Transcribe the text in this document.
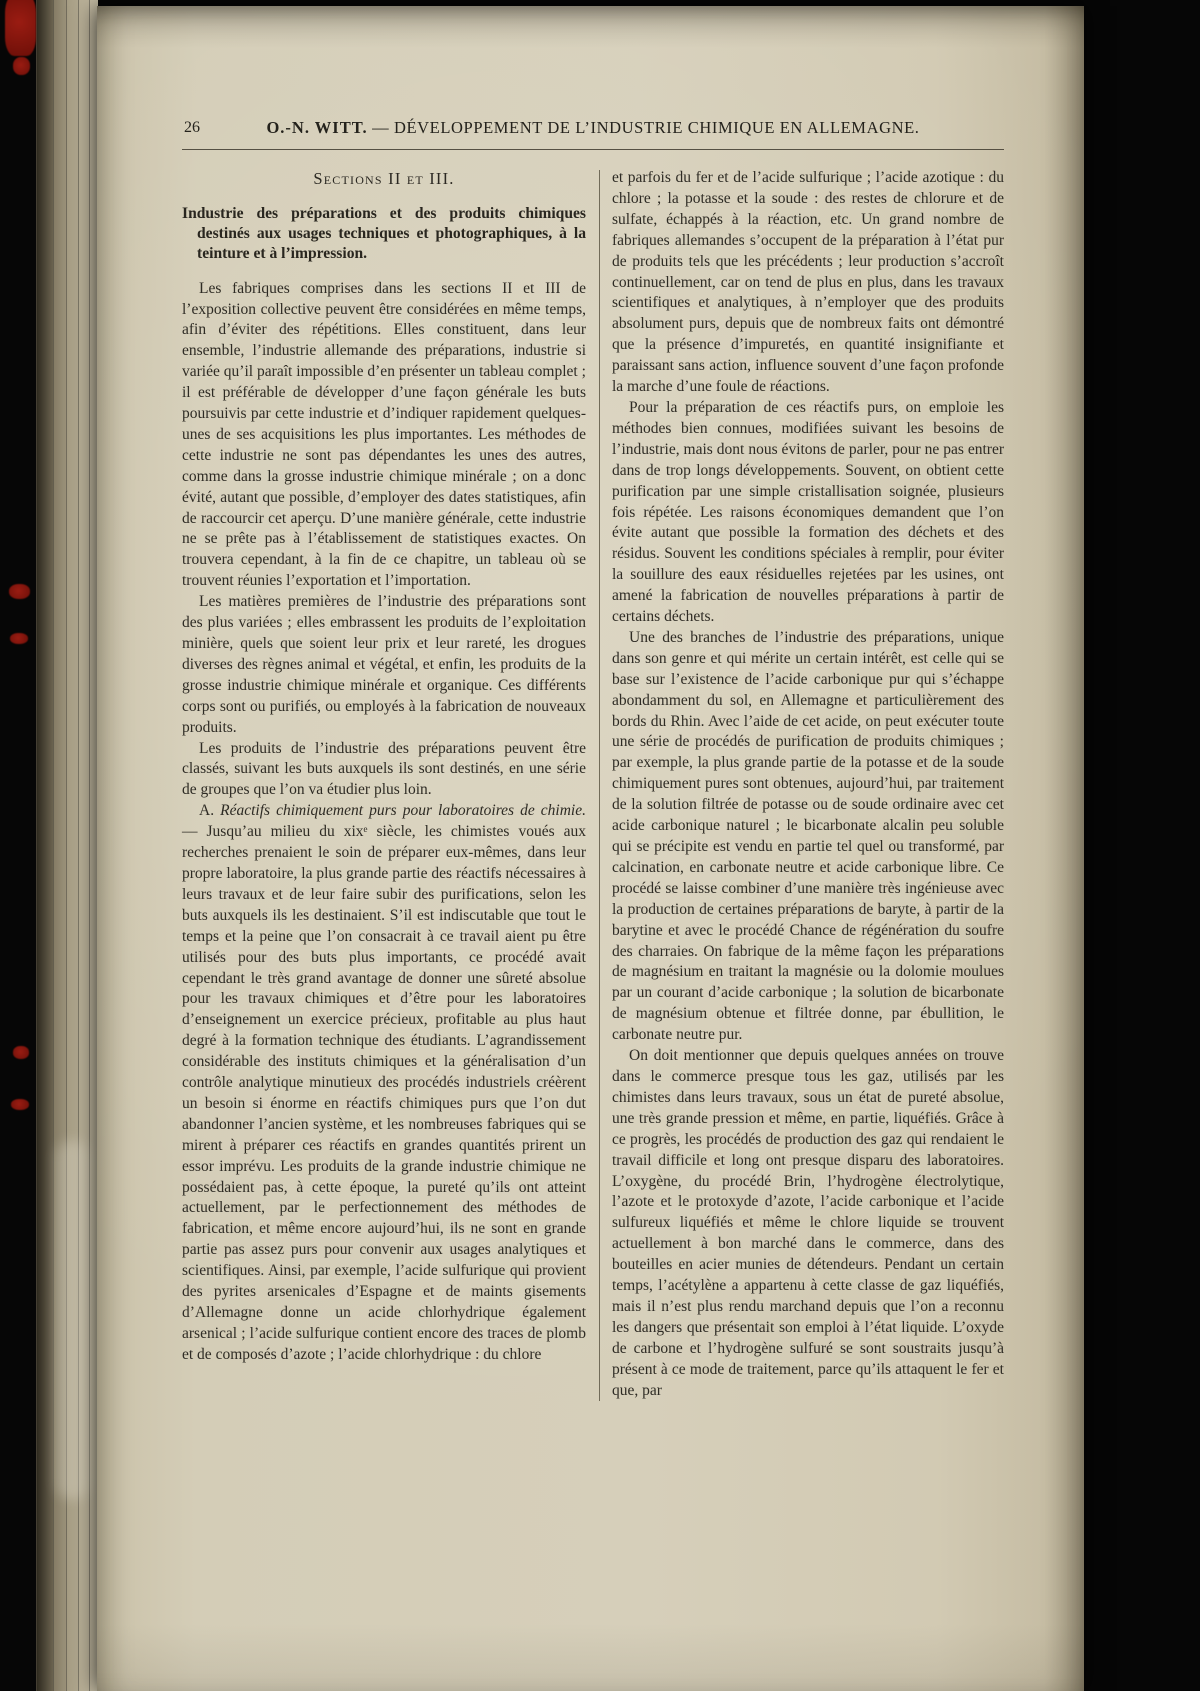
26	O.-N. WITT. — DÉVELOPPEMENT DE L’INDUSTRIE CHIMIQUE EN ALLEMAGNE.
Sections II et III.
Industrie des préparations et des produits chimiques destinés aux usages techniques et photographiques, à la teinture et à l’impression.

Les fabriques comprises dans les sections II et III de l’exposition collective peuvent être considérées en même temps, afin d’éviter des répétitions. Elles constituent, dans leur ensemble, l’industrie allemande des préparations, industrie si variée qu’il paraît impossible d’en présenter un tableau complet ; il est préférable de développer d’une façon générale les buts poursuivis par cette industrie et d’indiquer rapidement quelques-unes de ses acquisitions les plus importantes. Les méthodes de cette industrie ne sont pas dépendantes les unes des autres, comme dans la grosse industrie chimique minérale ; on a donc évité, autant que possible, d’employer des dates statistiques, afin de raccourcir cet aperçu. D’une manière générale, cette industrie ne se prête pas à l’établissement de statistiques exactes. On trouvera cependant, à la fin de ce chapitre, un tableau où se trouvent réunies l’exportation et l’importation.

Les matières premières de l’industrie des préparations sont des plus variées ; elles embrassent les produits de l’exploitation minière, quels que soient leur prix et leur rareté, les drogues diverses des règnes animal et végétal, et enfin, les produits de la grosse industrie chimique minérale et organique. Ces différents corps sont ou purifiés, ou employés à la fabrication de nouveaux produits.

Les produits de l’industrie des préparations peuvent être classés, suivant les buts auxquels ils sont destinés, en une série de groupes que l’on va étudier plus loin.

A. Réactifs chimiquement purs pour laboratoires de chimie. — Jusqu’au milieu du xixᵉ siècle, les chimistes voués aux recherches prenaient le soin de préparer eux-mêmes, dans leur propre laboratoire, la plus grande partie des réactifs nécessaires à leurs travaux et de leur faire subir des purifications, selon les buts auxquels ils les destinaient. S’il est indiscutable que tout le temps et la peine que l’on consacrait à ce travail aient pu être utilisés pour des buts plus importants, ce procédé avait cependant le très grand avantage de donner une sûreté absolue pour les travaux chimiques et d’être pour les laboratoires d’enseignement un exercice précieux, profitable au plus haut degré à la formation technique des étudiants. L’agrandissement considérable des instituts chimiques et la généralisation d’un contrôle analytique minutieux des procédés industriels créèrent un besoin si énorme en réactifs chimiques purs que l’on dut abandonner l’ancien système, et les nombreuses fabriques qui se mirent à préparer ces réactifs en grandes quantités prirent un essor imprévu. Les produits de la grande industrie chimique ne possédaient pas, à cette époque, la pureté qu’ils ont atteint actuellement, par le perfectionnement des méthodes de fabrication, et même encore aujourd’hui, ils ne sont en grande partie pas assez purs pour convenir aux usages analytiques et scientifiques. Ainsi, par exemple, l’acide sulfurique qui provient des pyrites arsenicales d’Espagne et de maints gisements d’Allemagne donne un acide chlorhydrique également arsenical ; l’acide sulfurique contient encore des traces de plomb et de composés d’azote ; l’acide chlorhydrique : du chlore

et parfois du fer et de l’acide sulfurique ; l’acide azotique : du chlore ; la potasse et la soude : des restes de chlorure et de sulfate, échappés à la réaction, etc. Un grand nombre de fabriques allemandes s’occupent de la préparation à l’état pur de produits tels que les précédents ; leur production s’accroît continuellement, car on tend de plus en plus, dans les travaux scientifiques et analytiques, à n’employer que des produits absolument purs, depuis que de nombreux faits ont démontré que la présence d’impuretés, en quantité insignifiante et paraissant sans action, influence souvent d’une façon profonde la marche d’une foule de réactions.

Pour la préparation de ces réactifs purs, on emploie les méthodes bien connues, modifiées suivant les besoins de l’industrie, mais dont nous évitons de parler, pour ne pas entrer dans de trop longs développements. Souvent, on obtient cette purification par une simple cristallisation soignée, plusieurs fois répétée. Les raisons économiques demandent que l’on évite autant que possible la formation des déchets et des résidus. Souvent les conditions spéciales à remplir, pour éviter la souillure des eaux résiduelles rejetées par les usines, ont amené la fabrication de nouvelles préparations à partir de certains déchets.

Une des branches de l’industrie des préparations, unique dans son genre et qui mérite un certain intérêt, est celle qui se base sur l’existence de l’acide carbonique pur qui s’échappe abondamment du sol, en Allemagne et particulièrement des bords du Rhin. Avec l’aide de cet acide, on peut exécuter toute une série de procédés de purification de produits chimiques ; par exemple, la plus grande partie de la potasse et de la soude chimiquement pures sont obtenues, aujourd’hui, par traitement de la solution filtrée de potasse ou de soude ordinaire avec cet acide carbonique naturel ; le bicarbonate alcalin peu soluble qui se précipite est vendu en partie tel quel ou transformé, par calcination, en carbonate neutre et acide carbonique libre. Ce procédé se laisse combiner d’une manière très ingénieuse avec la production de certaines préparations de baryte, à partir de la barytine et avec le procédé Chance de régénération du soufre des charraies. On fabrique de la même façon les préparations de magnésium en traitant la magnésie ou la dolomie moulues par un courant d’acide carbonique ; la solution de bicarbonate de magnésium obtenue et filtrée donne, par ébullition, le carbonate neutre pur.

On doit mentionner que depuis quelques années on trouve dans le commerce presque tous les gaz, utilisés par les chimistes dans leurs travaux, sous un état de pureté absolue, une très grande pression et même, en partie, liquéfiés. Grâce à ce progrès, les procédés de production des gaz qui rendaient le travail difficile et long ont presque disparu des laboratoires. L’oxygène, du procédé Brin, l’hydrogène électrolytique, l’azote et le protoxyde d’azote, l’acide carbonique et l’acide sulfureux liquéfiés et même le chlore liquide se trouvent actuellement à bon marché dans le commerce, dans des bouteilles en acier munies de détendeurs. Pendant un certain temps, l’acétylène a appartenu à cette classe de gaz liquéfiés, mais il n’est plus rendu marchand depuis que l’on a reconnu les dangers que présentait son emploi à l’état liquide. L’oxyde de carbone et l’hydrogène sulfuré se sont soustraits jusqu’à présent à ce mode de traitement, parce qu’ils attaquent le fer et que, par
